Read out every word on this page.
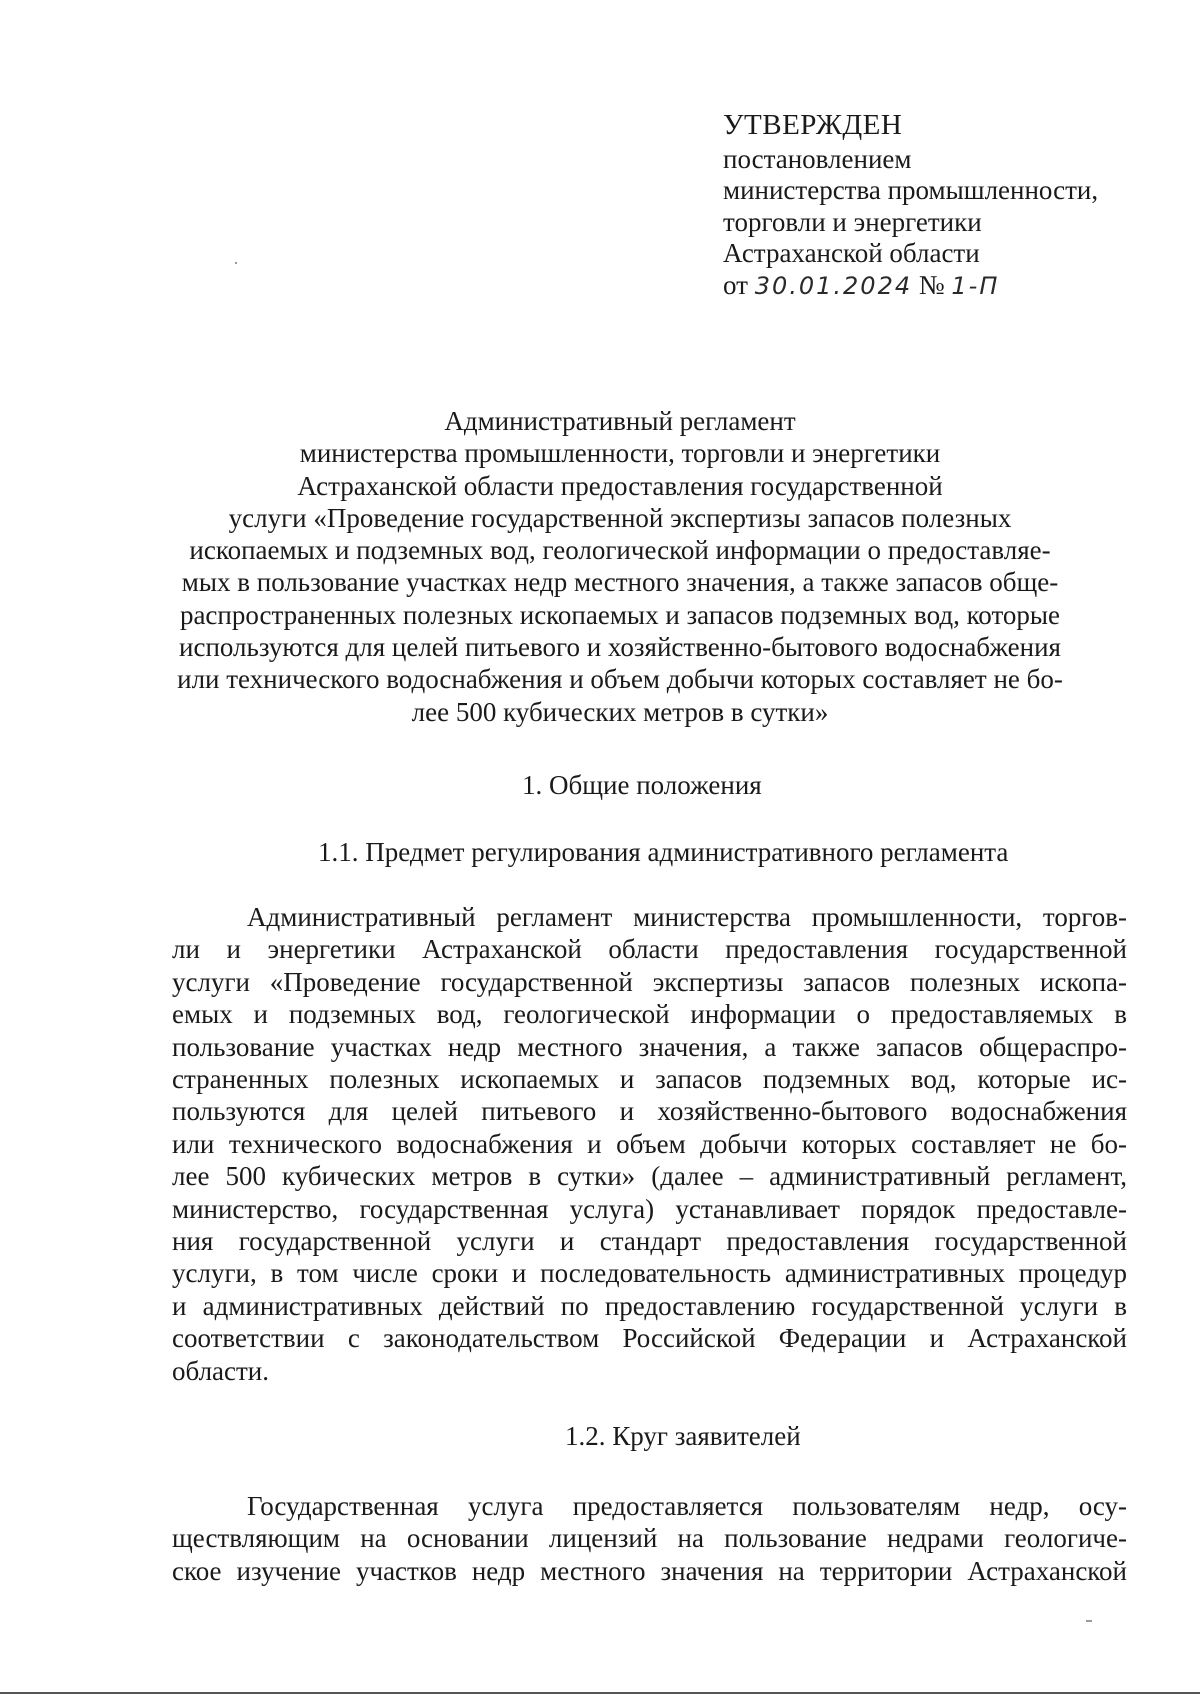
УТВЕРЖДЕН
постановлением
министерства промышленности,
торговли и энергетики
Астраханской области
от 30.01.2024 № 1-П
Административный регламент
министерства промышленности, торговли и энергетики
Астраханской области предоставления государственной
услуги «Проведение государственной экспертизы запасов полезных
ископаемых и подземных вод, геологической информации о предоставляе-
мых в пользование участках недр местного значения, а также запасов обще-
распространенных полезных ископаемых и запасов подземных вод, которые
используются для целей питьевого и хозяйственно-бытового водоснабжения
или технического водоснабжения и объем добычи которых составляет не бо-
лее 500 кубических метров в сутки»
1. Общие положения
1.1. Предмет регулирования административного регламента
Административный регламент министерства промышленности, торгов-
ли и энергетики Астраханской области предоставления государственной
услуги «Проведение государственной экспертизы запасов полезных ископа-
емых и подземных вод, геологической информации о предоставляемых в
пользование участках недр местного значения, а также запасов общераспро-
страненных полезных ископаемых и запасов подземных вод, которые ис-
пользуются для целей питьевого и хозяйственно-бытового водоснабжения
или технического водоснабжения и объем добычи которых составляет не бо-
лее 500 кубических метров в сутки» (далее – административный регламент,
министерство, государственная услуга) устанавливает порядок предоставле-
ния государственной услуги и стандарт предоставления государственной
услуги, в том числе сроки и последовательность административных процедур
и административных действий по предоставлению государственной услуги в
соответствии с законодательством Российской Федерации и Астраханской
области.
1.2. Круг заявителей
Государственная услуга предоставляется пользователям недр, осу-
ществляющим на основании лицензий на пользование недрами геологиче-
ское изучение участков недр местного значения на территории Астраханской
